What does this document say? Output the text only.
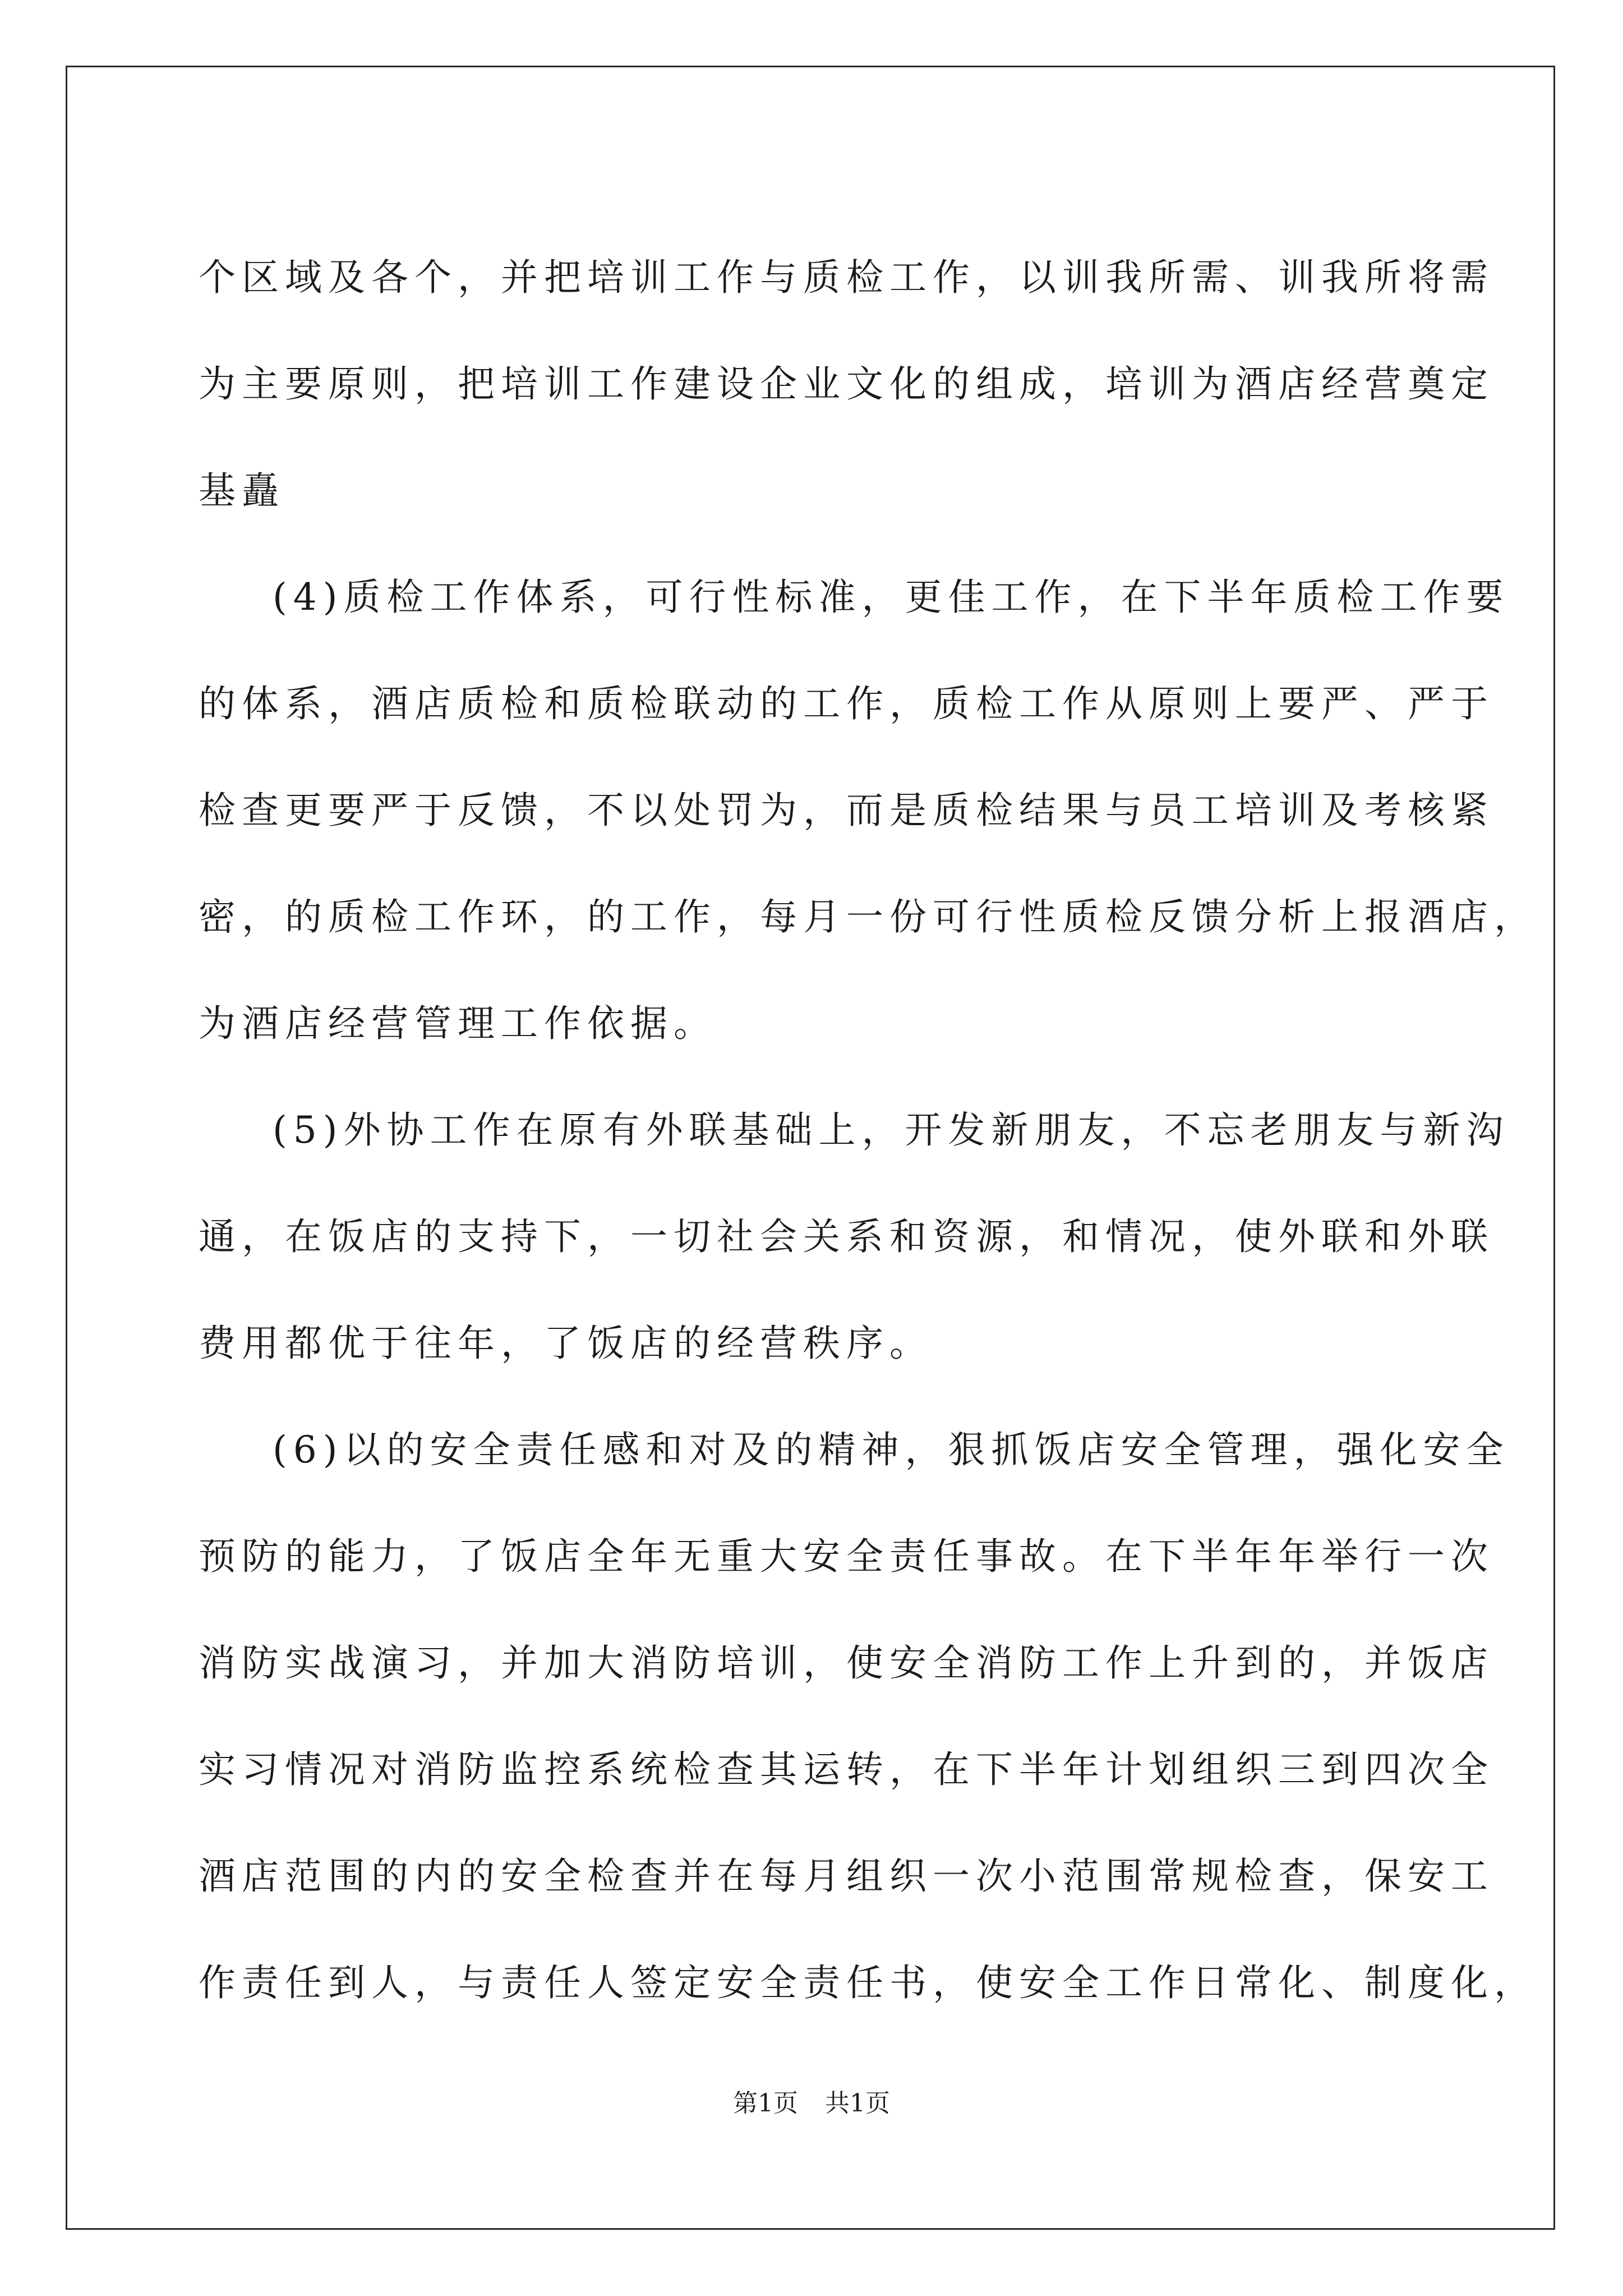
个区域及各个，并把培训工作与质检工作，以训我所需、训我所将需

为主要原则，把培训工作建设企业文化的组成，培训为酒店经营奠定

基矗

(4)质检工作体系，可行性标准，更佳工作，在下半年质检工作要

的体系，酒店质检和质检联动的工作，质检工作从原则上要严、严于

检查更要严于反馈，不以处罚为，而是质检结果与员工培训及考核紧

密，的质检工作环，的工作，每月一份可行性质检反馈分析上报酒店，

为酒店经营管理工作依据。

(5)外协工作在原有外联基础上，开发新朋友，不忘老朋友与新沟

通，在饭店的支持下，一切社会关系和资源，和情况，使外联和外联

费用都优于往年，了饭店的经营秩序。

(6)以的安全责任感和对及的精神，狠抓饭店安全管理，强化安全

预防的能力，了饭店全年无重大安全责任事故。在下半年年举行一次

消防实战演习，并加大消防培训，使安全消防工作上升到的，并饭店

实习情况对消防监控系统检查其运转，在下半年计划组织三到四次全

酒店范围的内的安全检查并在每月组织一次小范围常规检查，保安工

作责任到人，与责任人签定安全责任书，使安全工作日常化、制度化，

第1页 共1页
